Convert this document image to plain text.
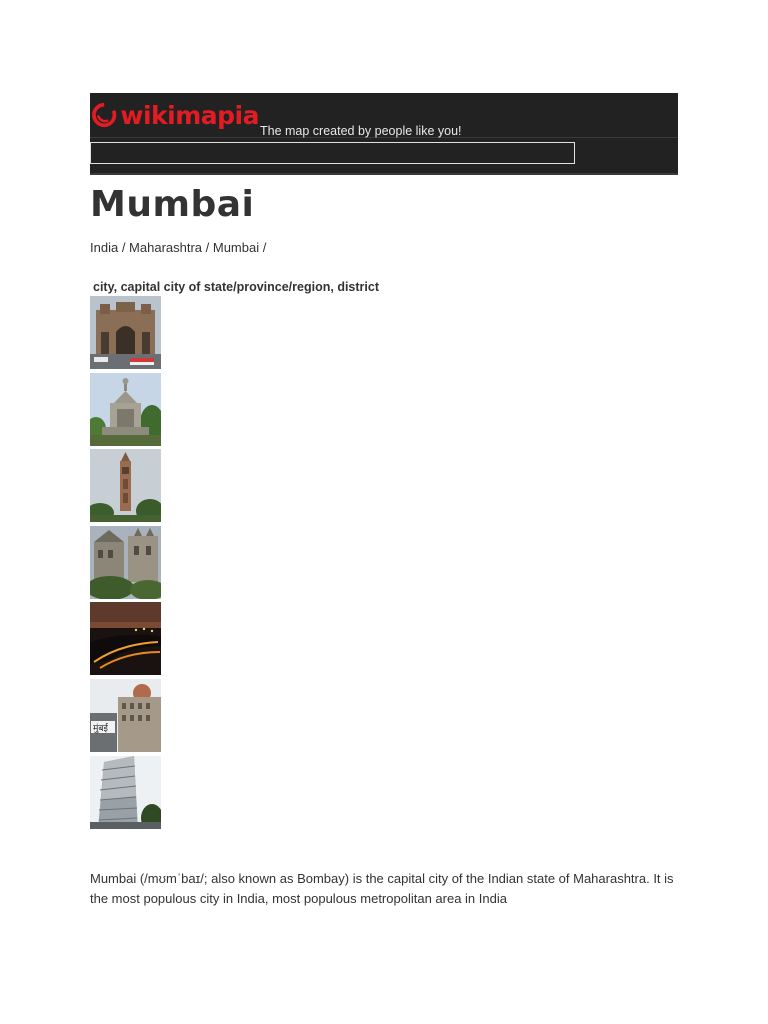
wikimapia
The map created by people like you!
Mumbai
India / Maharashtra / Mumbai /
city, capital city of state/province/region, district
मुंबई

Mumbai (/mʊmˈbaɪ/; also known as Bombay) is the capital city of the Indian state of Maharashtra. It is the most populous city in India, most populous metropolitan area in India
